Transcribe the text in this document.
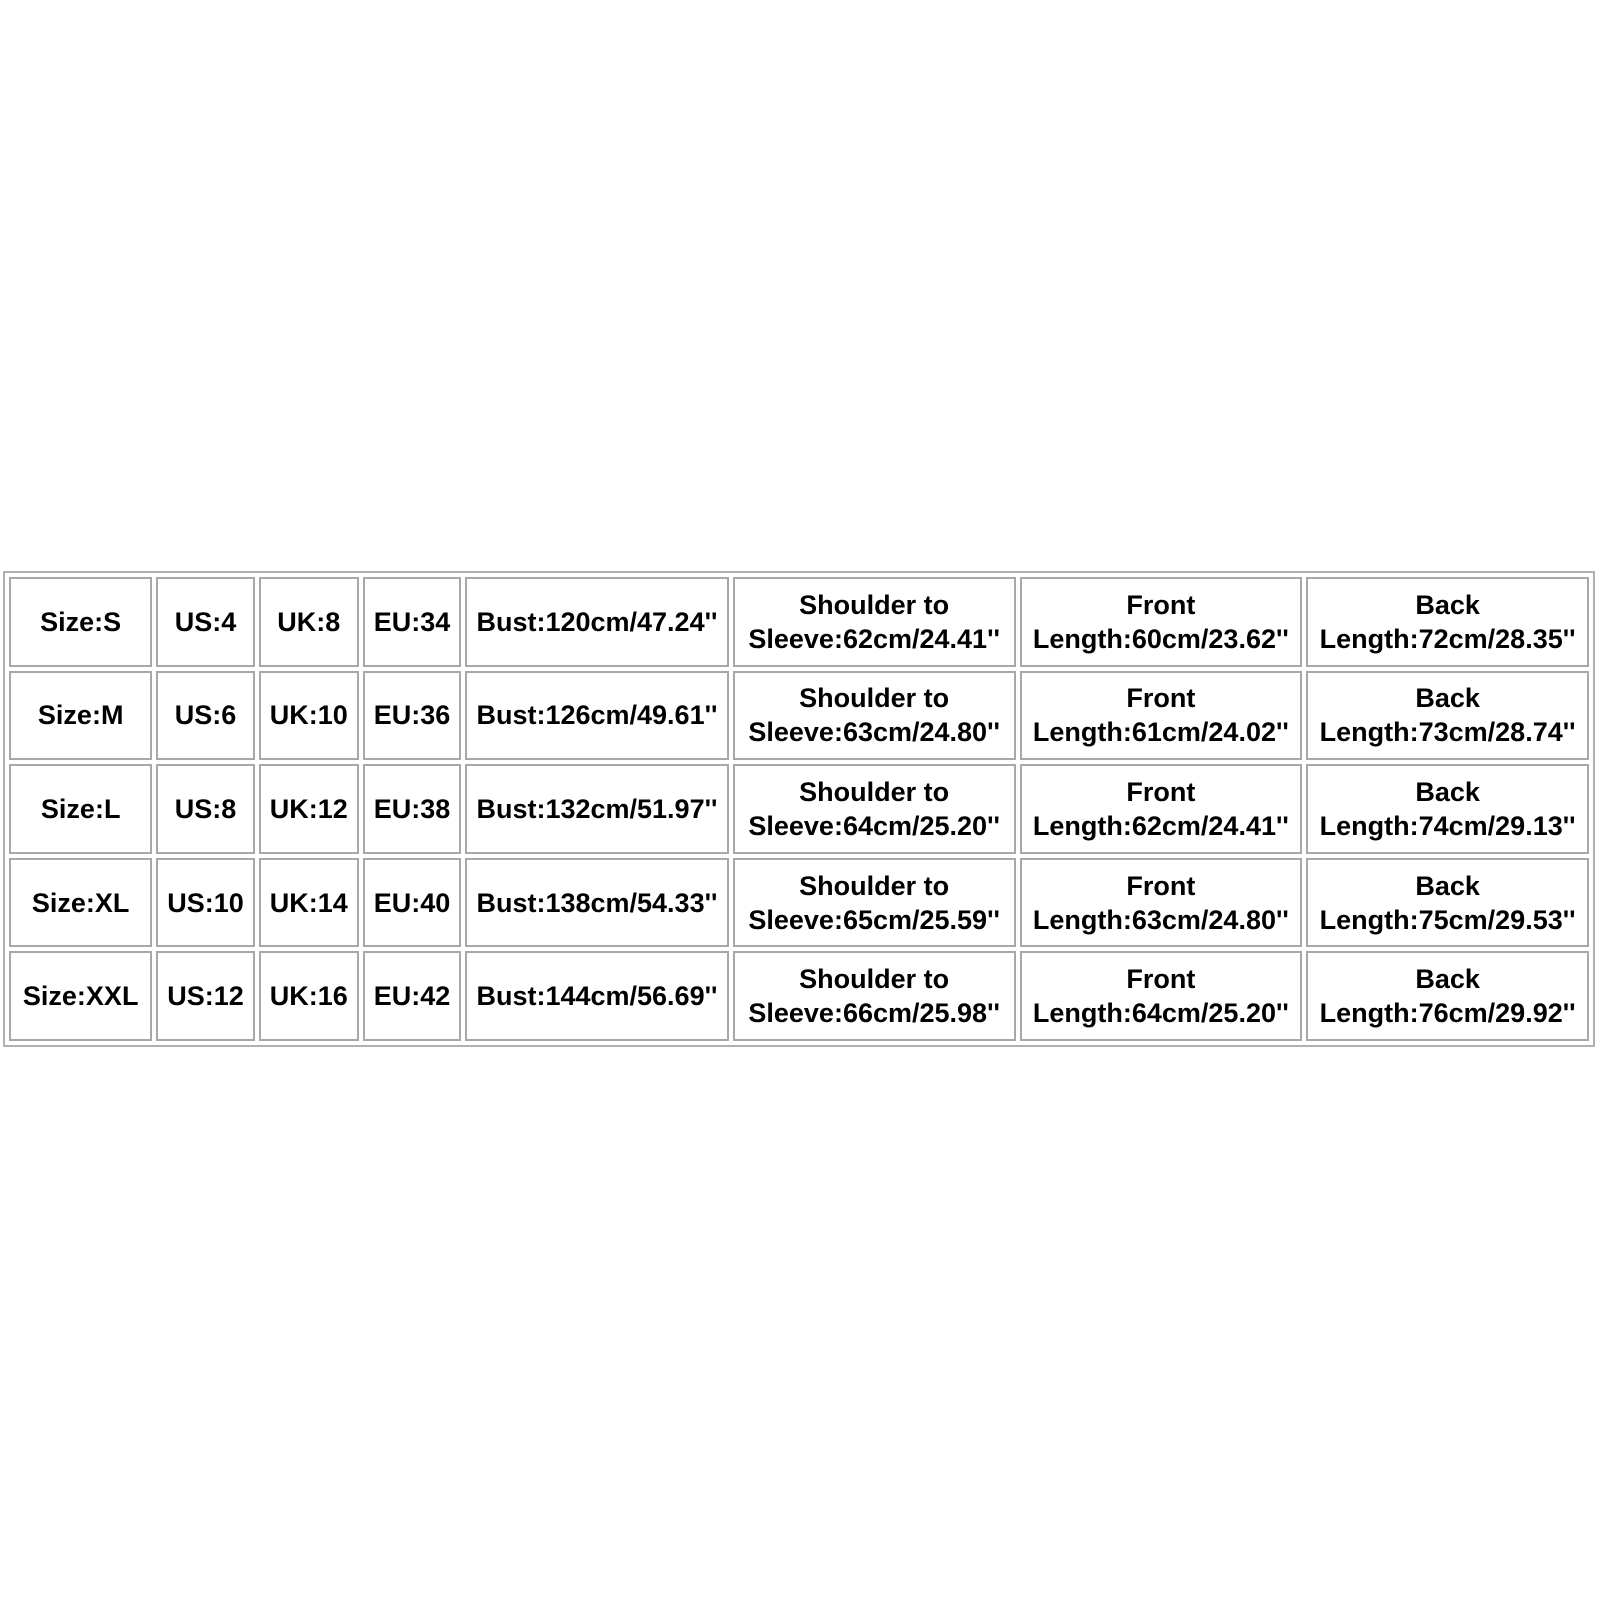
Size:S	US:4	UK:8	EU:34	Bust:120cm/47.24''	Shoulder to
Sleeve:62cm/24.41''	Front
Length:60cm/23.62''	Back
Length:72cm/28.35''

Size:M	US:6	UK:10	EU:36	Bust:126cm/49.61''	Shoulder to
Sleeve:63cm/24.80''	Front
Length:61cm/24.02''	Back
Length:73cm/28.74''

Size:L	US:8	UK:12	EU:38	Bust:132cm/51.97''	Shoulder to
Sleeve:64cm/25.20''	Front
Length:62cm/24.41''	Back
Length:74cm/29.13''

Size:XL	US:10	UK:14	EU:40	Bust:138cm/54.33''	Shoulder to
Sleeve:65cm/25.59''	Front
Length:63cm/24.80''	Back
Length:75cm/29.53''

Size:XXL	US:12	UK:16	EU:42	Bust:144cm/56.69''	Shoulder to
Sleeve:66cm/25.98''	Front
Length:64cm/25.20''	Back
Length:76cm/29.92''
